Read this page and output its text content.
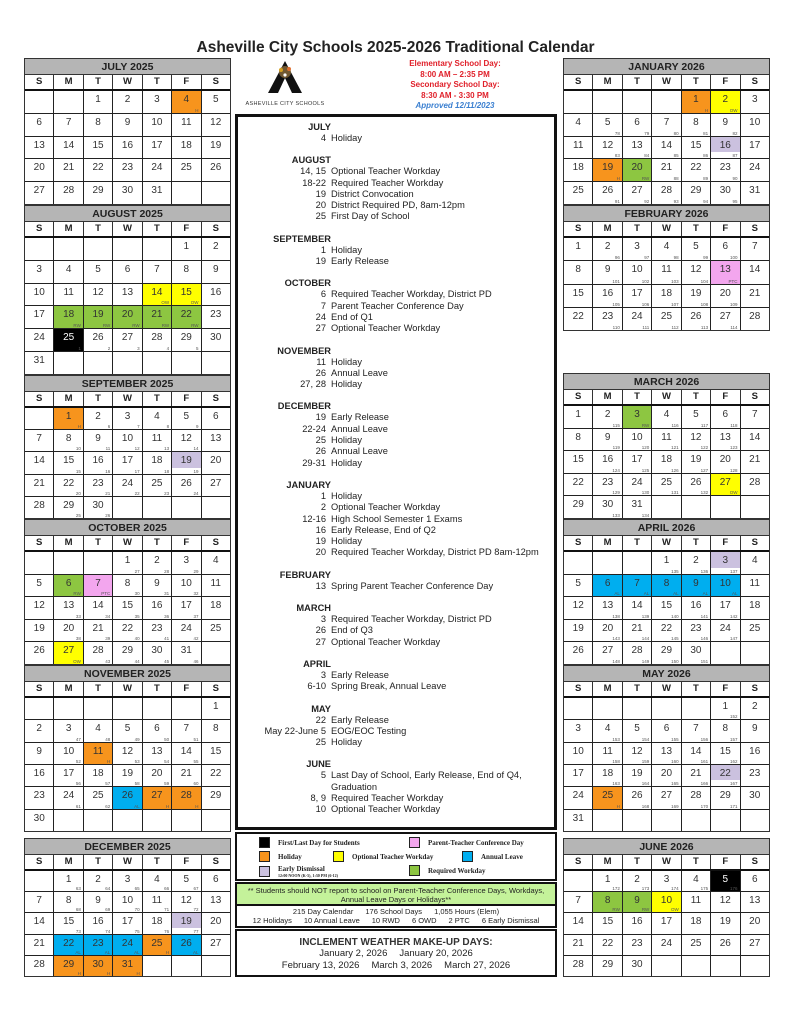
Asheville City Schools 2025-2026 Traditional Calendar
ASHEVILLE CITY SCHOOLS
Elementary School Day:
8:00 AM – 2:35 PM
Secondary School Day:
8:30 AM - 3:30 PM
Approved 12/11/2023
JULY 2025
S	M	T	W	T	F	S
1	2	3	4
H
5
6	7	8	9	10	11	12
13	14	15	16	17	18	19
20	21	22	23	24	25	26
27	28	29	30	31
AUGUST 2025
S	M	T	W	T	F	S
1	2
3	4	5	6	7	8	9
10	11	12	13	14
OW
15
OW
16
17	18
RW
19
RW
20
RW
21
RW
22
RW
23
24	25
1
26
2
27
3
28
4
29
5
30
31
SEPTEMBER 2025
S	M	T	W	T	F	S
1
H
2
6
3
7
4
8
5
9
6
7	8
10
9
11
10
12
11
13
12
14
13
14	15
15
16
16
17
17
18
18
19
19
20
21	22
20
23
21
24
22
25
23
26
24
27
28	29
25
30
26
OCTOBER 2025
S	M	T	W	T	F	S
1
27
2
28
3
29
4
5	6
RW
7
PTC
8
30
9
31
10
32
11
12	13
33
14
34
15
35
16
36
17
37
18
19	20
38
21
39
22
40
23
41
24
42
25
26	27
OW
28
43
29
44
30
45
31
46
NOVEMBER 2025
S	M	T	W	T	F	S
1
2	3
47
4
48
5
49
6
50
7
51
8
9	10
52
11
H
12
53
13
54
14
55
15
16	17
56
18
57
19
58
20
59
21
60
22
23	24
61
25
62
26
AL
27
H
28
H
29
30
DECEMBER 2025
S	M	T	W	T	F	S
1
63
2
64
3
65
4
66
5
67
6
7	8
68
9
69
10
70
11
71
12
72
13
14	15
73
16
74
17
75
18
76
19
77
20
21	22
AL
23
AL
24
AL
25
H
26
AL
27
28	29
H
30
H
31
H
JANUARY 2026
S	M	T	W	T	F	S
1
H
2
OW
3
4	5
78
6
79
7
80
8
81
9
82
10
11	12
83
13
84
14
85
15
86
16
87
17
18	19
H
20
RW
21
88
22
89
23
90
24
25	26
91
27
92
28
93
29
94
30
95
31
FEBRUARY 2026
S	M	T	W	T	F	S
1	2
96
3
97
4
98
5
99
6
100
7
8	9
101
10
102
11
103
12
104
13
PTC
14
15	16
105
17
106
18
107
19
108
20
109
21
22	23
110
24
111
25
112
26
113
27
114
28
MARCH 2026
S	M	T	W	T	F	S
1	2
115
3
RW
4
116
5
117
6
118
7
8	9
119
10
120
11
121
12
122
13
123
14
15	16
124
17
125
18
126
19
127
20
128
21
22	23
129
24
130
25
131
26
132
27
OW
28
29	30
133
31
134
APRIL 2026
S	M	T	W	T	F	S
1
135
2
136
3
137
4
5	6
AL
7
AL
8
AL
9
AL
10
AL
11
12	13
138
14
139
15
140
16
141
17
142
18
19	20
143
21
144
22
145
23
146
24
147
25
26	27
148
28
149
29
150
30
151
MAY 2026
S	M	T	W	T	F	S
1
152
2
3	4
153
5
154
6
155
7
156
8
157
9
10	11
158
12
159
13
160
14
161
15
162
16
17	18
163
19
164
20
165
21
166
22
167
23
24	25
H
26
168
27
169
28
170
29
171
30
31
JUNE 2026
S	M	T	W	T	F	S
1
172
2
173
3
174
4
175
5
176
6
7	8
RW
9
RW
10
OW
11	12	13
14	15	16	17	18	19	20
21	22	23	24	25	26	27
28	29	30
JULY
4 Holiday
AUGUST
14, 15 Optional Teacher Workday
18-22 Required Teacher Workday
19 District Convocation
20 District Required PD, 8am-12pm
25 First Day of School
SEPTEMBER
1 Holiday
19 Early Release
OCTOBER
6 Required Teacher Workday, District PD
7 Parent Teacher Conference Day
24 End of Q1
27 Optional Teacher Workday
NOVEMBER
11 Holiday
26 Annual Leave
27, 28 Holiday
DECEMBER
19 Early Release
22-24 Annual Leave
25 Holiday
26 Annual Leave
29-31 Holiday
JANUARY
1 Holiday
2 Optional Teacher Workday
12-16 High School Semester 1 Exams
16 Early Release, End of Q2
19 Holiday
20 Required Teacher Workday, District PD 8am-12pm
FEBRUARY
13 Spring Parent Teacher Conference Day
MARCH
3 Required Teacher Workday, District PD
26 End of Q3
27 Optional Teacher Workday
APRIL
3 Early Release
6-10 Spring Break, Annual Leave
MAY
22 Early Release
May 22-June 5 EOG/EOC Testing
25 Holiday
JUNE
5 Last Day of School, Early Release, End of Q4, Graduation
8, 9 Required Teacher Workday
10 Optional Teacher Workday
First/Last Day for Students	Parent-Teacher Conference Day
Holiday	Optional Teacher Workday	Annual Leave
Early Dismissal
12:00 NOON (K-5), 1:30 PM (6-12)
Required Workday
** Students should NOT report to school on Parent-Teacher Conference Days, Workdays, Annual Leave Days or Holidays**
215 Day Calendar 176 School Days 1,055 Hours (Elem)
12 Holidays 10 Annual Leave 10 RWD 6 OWD 2 PTC 6 Early Dismissal
INCLEMENT WEATHER MAKE-UP DAYS:
January 2, 2026 January 20, 2026
February 13, 2026 March 3, 2026 March 27, 2026
